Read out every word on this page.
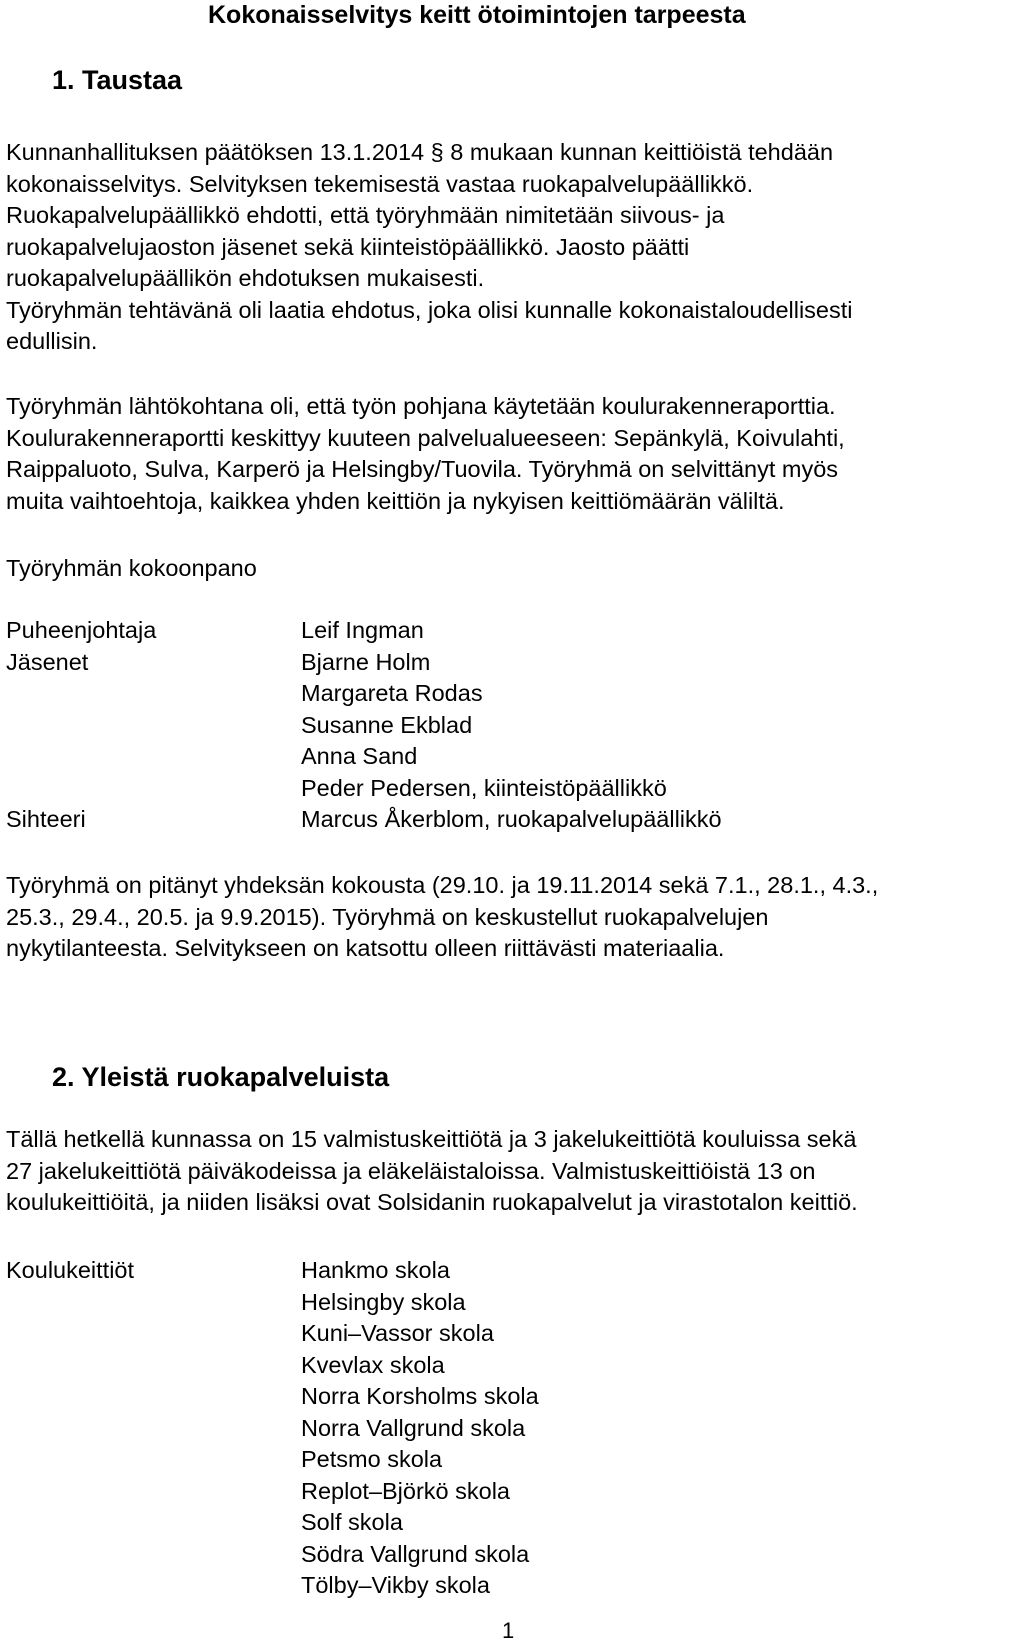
Kokonaisselvitys keitt ötoimintojen tarpeesta
1. Taustaa
Kunnanhallituksen päätöksen 13.1.2014 § 8 mukaan kunnan keittiöistä tehdään
kokonaisselvitys. Selvityksen tekemisestä vastaa ruokapalvelupäällikkö.
Ruokapalvelupäällikkö ehdotti, että työryhmään nimitetään siivous- ja
ruokapalvelujaoston jäsenet sekä kiinteistöpäällikkö. Jaosto päätti
ruokapalvelupäällikön ehdotuksen mukaisesti.
Työryhmän tehtävänä oli laatia ehdotus, joka olisi kunnalle kokonaistaloudellisesti
edullisin.
Työryhmän lähtökohtana oli, että työn pohjana käytetään koulurakenneraporttia.
Koulurakenneraportti keskittyy kuuteen palvelualueeseen: Sepänkylä, Koivulahti,
Raippaluoto, Sulva, Karperö ja Helsingby/Tuovila. Työryhmä on selvittänyt myös
muita vaihtoehtoja, kaikkea yhden keittiön ja nykyisen keittiömäärän väliltä.
Työryhmän kokoonpano
Puheenjohtaja	Leif Ingman
Jäsenet	Bjarne Holm
Margareta Rodas
Susanne Ekblad
Anna Sand
Peder Pedersen, kiinteistöpäällikkö
Sihteeri	Marcus Åkerblom, ruokapalvelupäällikkö
Työryhmä on pitänyt yhdeksän kokousta (29.10. ja 19.11.2014 sekä 7.1., 28.1., 4.3.,
25.3., 29.4., 20.5. ja 9.9.2015). Työryhmä on keskustellut ruokapalvelujen
nykytilanteesta. Selvitykseen on katsottu olleen riittävästi materiaalia.
2. Yleistä ruokapalveluista
Tällä hetkellä kunnassa on 15 valmistuskeittiötä ja 3 jakelukeittiötä kouluissa sekä
27 jakelukeittiötä päiväkodeissa ja eläkeläistaloissa. Valmistuskeittiöistä 13 on
koulukeittiöitä, ja niiden lisäksi ovat Solsidanin ruokapalvelut ja virastotalon keittiö.
Koulukeittiöt	Hankmo skola
Helsingby skola
Kuni–Vassor skola
Kvevlax skola
Norra Korsholms skola
Norra Vallgrund skola
Petsmo skola
Replot–Björkö skola
Solf skola
Södra Vallgrund skola
Tölby–Vikby skola
1
